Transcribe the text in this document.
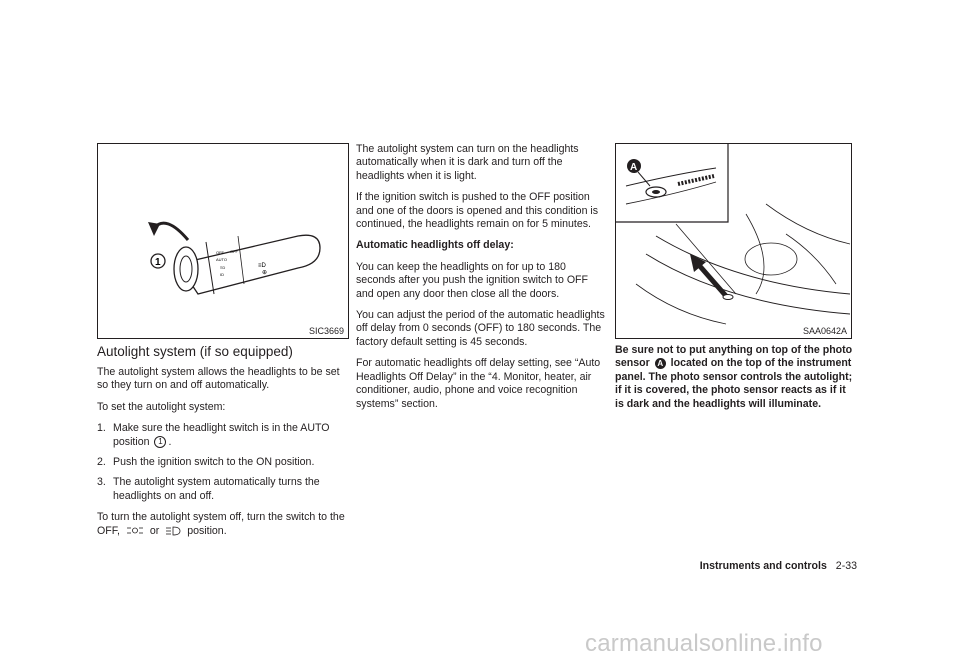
OFF
AUTO
OFF
≡D
ID
≡D
⊕
1
SIC3669
Autolight system (if so equipped)

The autolight system allows the headlights to be set so they turn on and off automatically.

To set the autolight system:

1. Make sure the headlight switch is in the AUTO position 1 .
2. Push the ignition switch to the ON position.
3. The autolight system automatically turns the headlights on and off.

To turn the autolight system off, turn the switch to the OFF,	or	position.

The autolight system can turn on the headlights automatically when it is dark and turn off the headlights when it is light.

If the ignition switch is pushed to the OFF position and one of the doors is opened and this condition is continued, the headlights remain on for 5 minutes.

Automatic headlights off delay:

You can keep the headlights on for up to 180 seconds after you push the ignition switch to OFF and open any door then close all the doors.

You can adjust the period of the automatic headlights off delay from 0 seconds (OFF) to 180 seconds. The factory default setting is 45 seconds.

For automatic headlights off delay setting, see “Auto Headlights Off Delay” in the “4. Monitor, heater, air conditioner, audio, phone and voice recognition systems” section.

A
SAA0642A
Be sure not to put anything on top of the photo sensor A located on the top of the instrument panel. The photo sensor controls the autolight; if it is covered, the photo sensor reacts as if it is dark and the headlights will illuminate.
Instruments and controls 2-33
carmanualsonline.info
